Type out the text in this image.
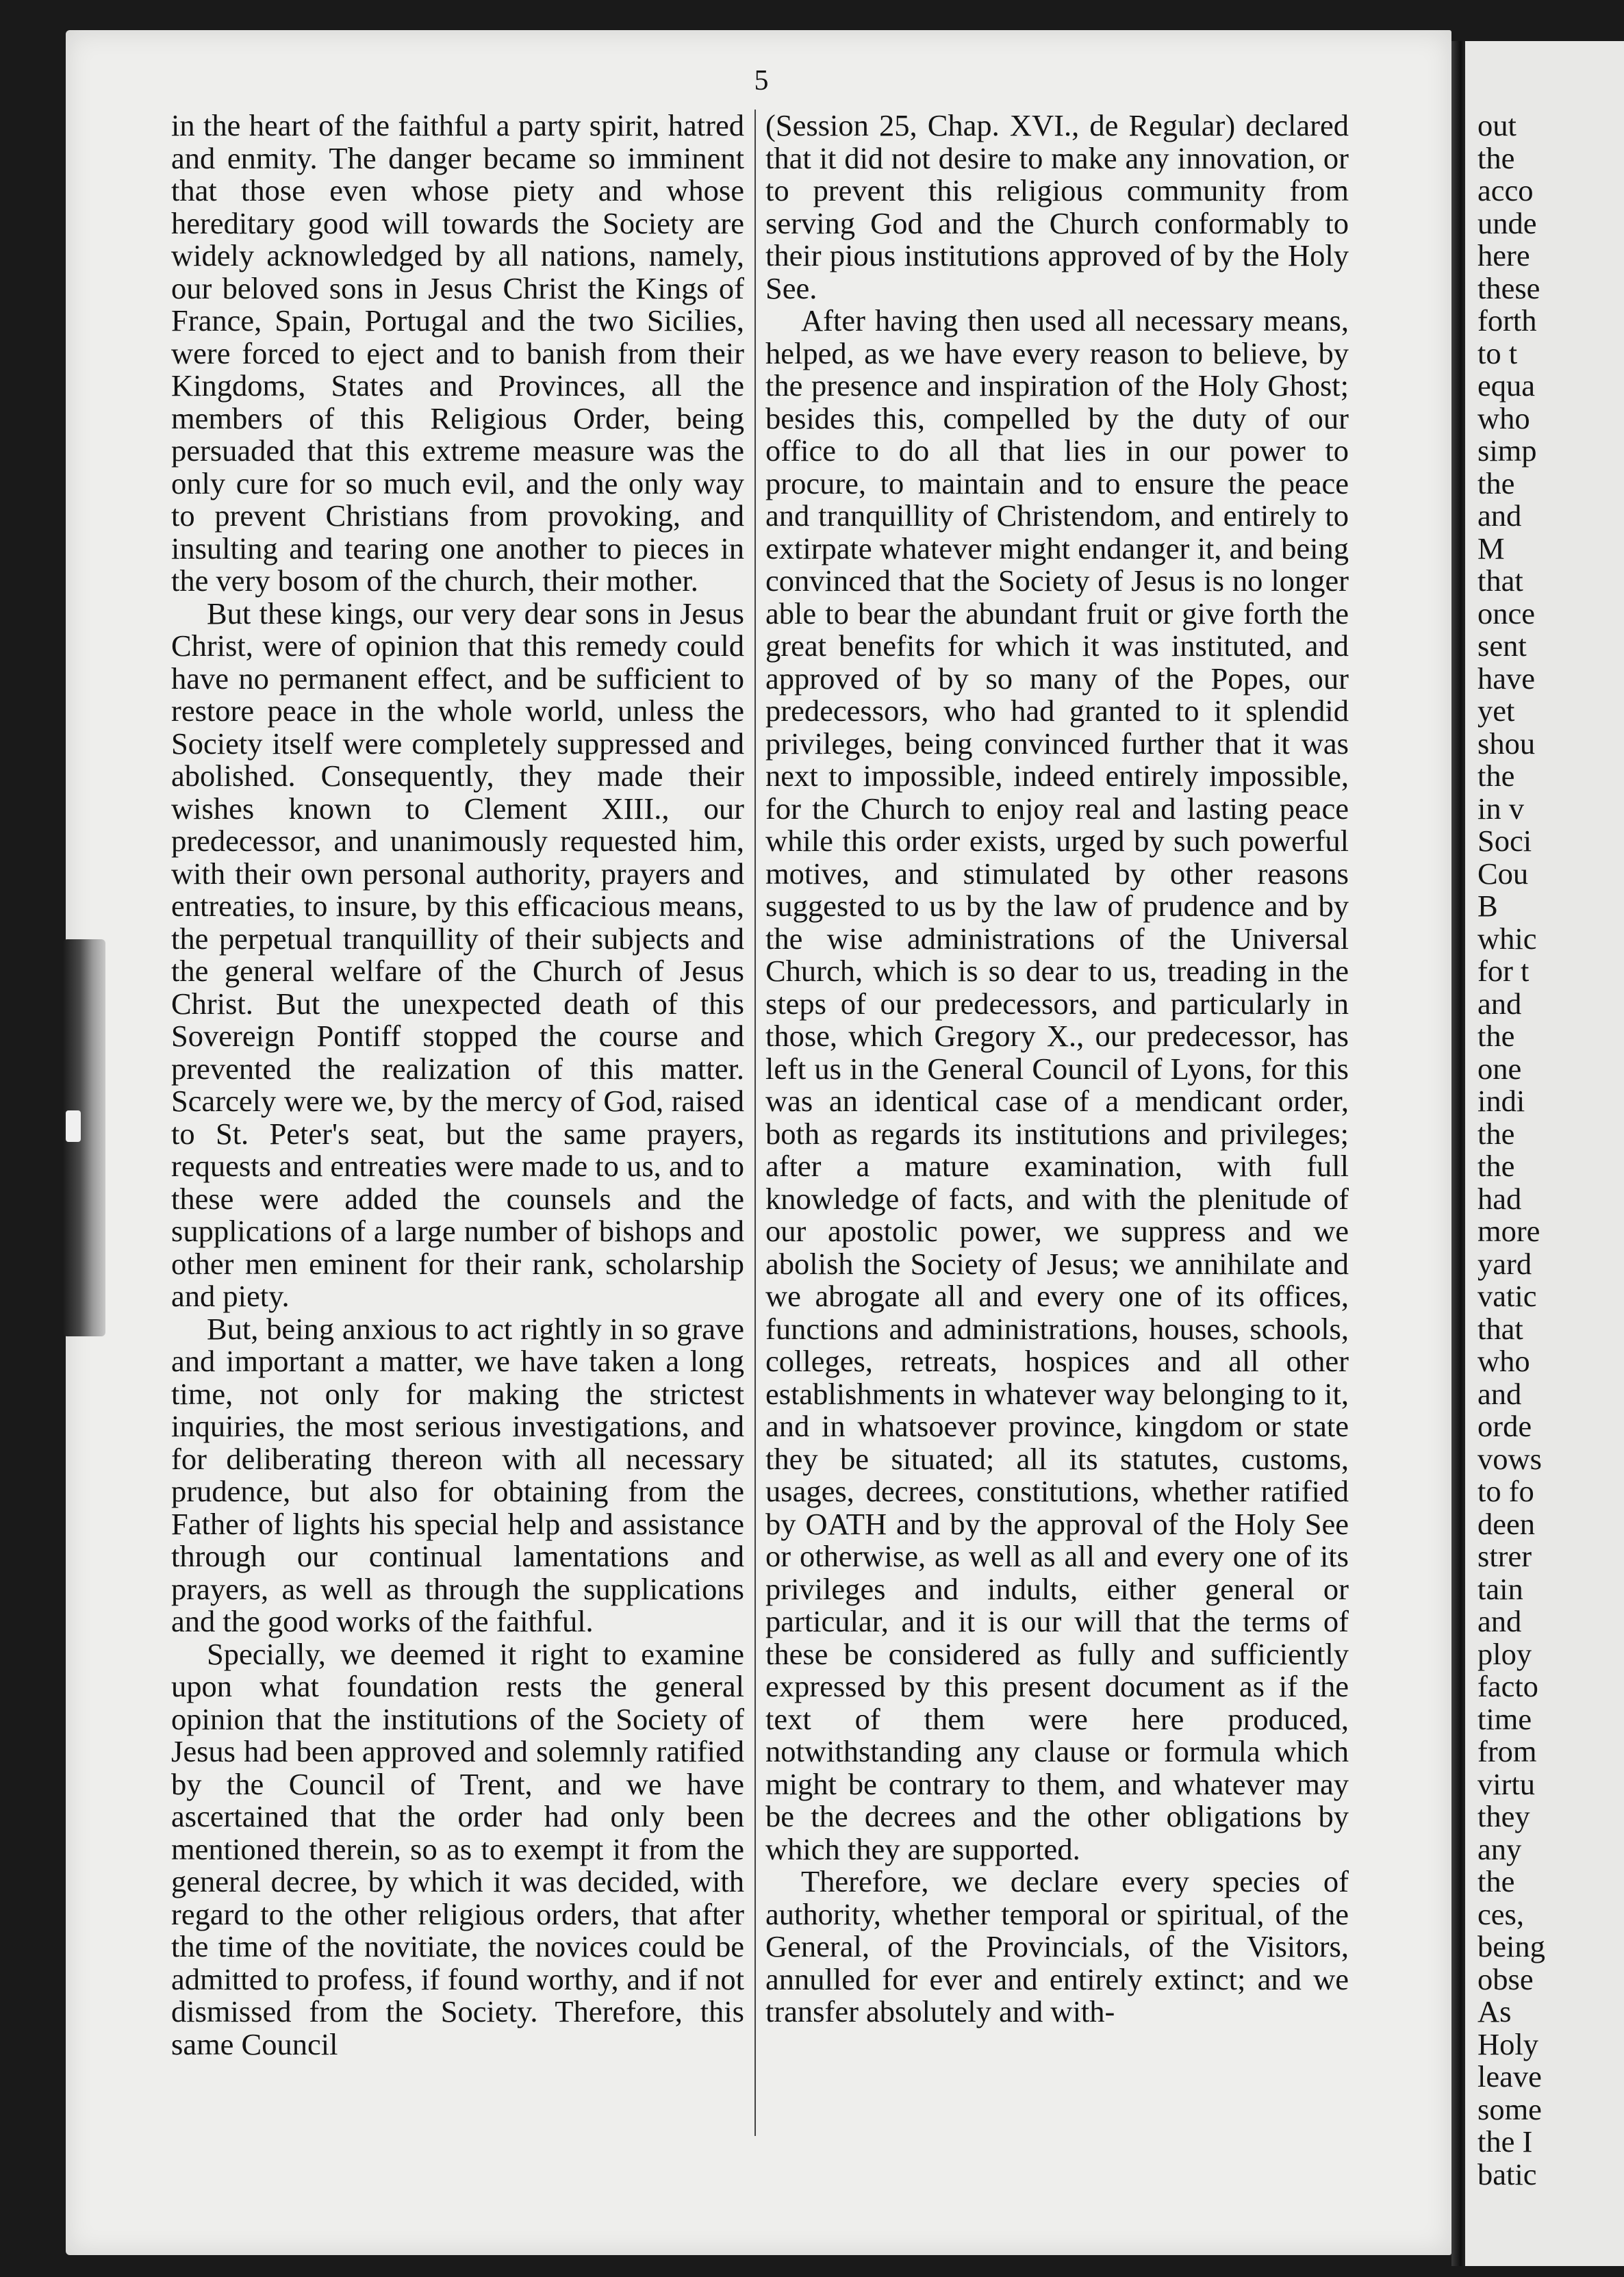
out
the
acco
unde
here
these
forth
to t
equa
who
simp
the
and
M
that
once
sent
have
yet
shou
the
in v
Soci
Cou
B
whic
for t
and
the
one
indi
the
the
had
more
yard
vatic
that
who
and
orde
vows
to fo
deen
strer
tain
and
ploy
facto
time
from
virtu
they
any
the
ces,
being
obse
As
Holy
leave
some
the I
batic
5

in the heart of the faithful a party spirit, hatred and enmity. The danger became so imminent that those even whose piety and whose hereditary good will towards the Society are widely acknowledged by all nations, namely, our beloved sons in Jesus Christ the Kings of France, Spain, Portugal and the two Sicilies, were forced to eject and to banish from their Kingdoms, States and Provinces, all the members of this Religious Order, being persuaded that this extreme measure was the only cure for so much evil, and the only way to prevent Christians from provoking, and insulting and tearing one another to pieces in the very bosom of the church, their mother.

But these kings, our very dear sons in Jesus Christ, were of opinion that this remedy could have no permanent effect, and be sufficient to restore peace in the whole world, unless the Society itself were completely suppressed and abolished. Consequently, they made their wishes known to Clement XIII., our predecessor, and unanimously requested him, with their own personal authority, prayers and entreaties, to insure, by this efficacious means, the perpetual tranquillity of their subjects and the general welfare of the Church of Jesus Christ. But the unexpected death of this Sovereign Pontiff stopped the course and prevented the realization of this matter. Scarcely were we, by the mercy of God, raised to St. Peter's seat, but the same prayers, requests and entreaties were made to us, and to these were added the counsels and the supplications of a large number of bishops and other men eminent for their rank, scholarship and piety.

But, being anxious to act rightly in so grave and important a matter, we have taken a long time, not only for making the strictest inquiries, the most serious investigations, and for deliberating thereon with all necessary prudence, but also for obtaining from the Father of lights his special help and assistance through our continual lamentations and prayers, as well as through the supplications and the good works of the faithful.

Specially, we deemed it right to examine upon what foundation rests the general opinion that the institutions of the Society of Jesus had been approved and solemnly ratified by the Council of Trent, and we have ascertained that the order had only been mentioned therein, so as to exempt it from the general decree, by which it was decided, with regard to the other religious orders, that after the time of the novitiate, the novices could be admitted to profess, if found worthy, and if not dismissed from the Society. Therefore, this same Council

(Session 25, Chap. XVI., de Regular) declared that it did not desire to make any innovation, or to prevent this religious community from serving God and the Church conformably to their pious institutions approved of by the Holy See.

After having then used all necessary means, helped, as we have every reason to believe, by the presence and inspiration of the Holy Ghost; besides this, compelled by the duty of our office to do all that lies in our power to procure, to maintain and to ensure the peace and tranquillity of Christendom, and entirely to extirpate whatever might endanger it, and being convinced that the Society of Jesus is no longer able to bear the abundant fruit or give forth the great benefits for which it was instituted, and approved of by so many of the Popes, our predecessors, who had granted to it splendid privileges, being convinced further that it was next to impossible, indeed entirely impossible, for the Church to enjoy real and lasting peace while this order exists, urged by such powerful motives, and stimulated by other reasons suggested to us by the law of prudence and by the wise administrations of the Universal Church, which is so dear to us, treading in the steps of our predecessors, and particularly in those, which Gregory X., our predecessor, has left us in the General Council of Lyons, for this was an identical case of a mendicant order, both as regards its institutions and privileges; after a mature examination, with full knowledge of facts, and with the plenitude of our apostolic power, we suppress and we abolish the Society of Jesus; we annihilate and we abrogate all and every one of its offices, functions and administrations, houses, schools, colleges, retreats, hospices and all other establishments in whatever way belonging to it, and in whatsoever province, kingdom or state they be situated; all its statutes, customs, usages, decrees, constitutions, whether ratified by OATH and by the approval of the Holy See or otherwise, as well as all and every one of its privileges and indults, either general or particular, and it is our will that the terms of these be considered as fully and sufficiently expressed by this present document as if the text of them were here produced, notwithstanding any clause or formula which might be contrary to them, and whatever may be the decrees and the other obligations by which they are supported.

Therefore, we declare every species of authority, whether temporal or spiritual, of the General, of the Provincials, of the Visitors, annulled for ever and entirely extinct; and we transfer absolutely and with-
